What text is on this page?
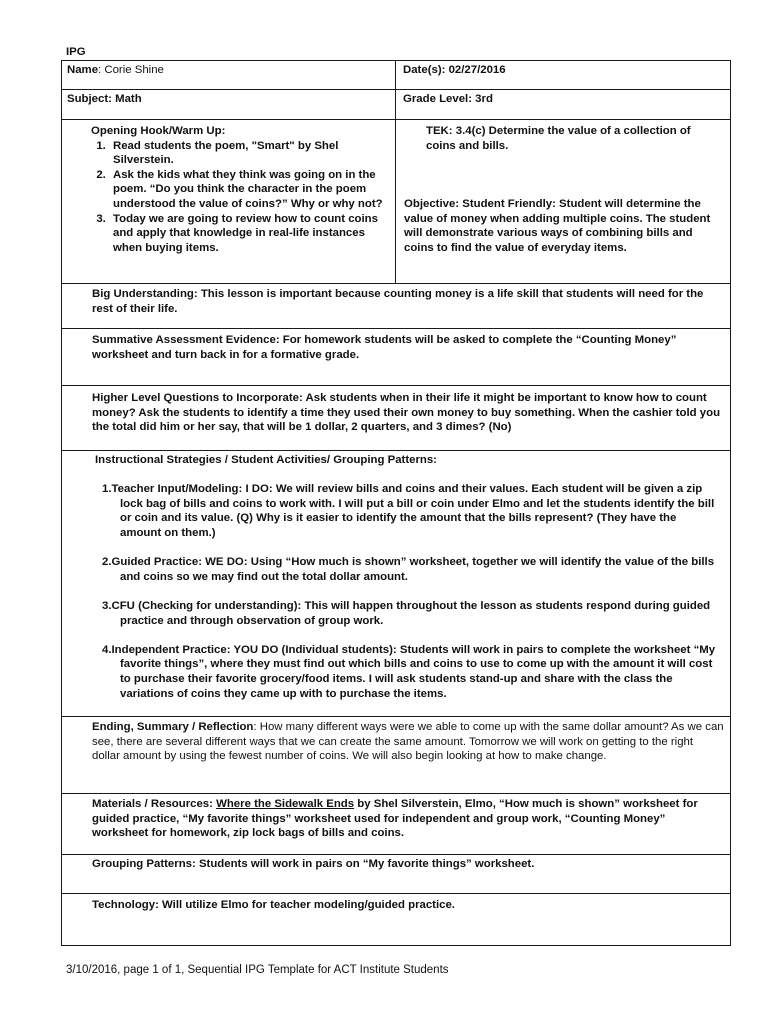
IPG
Name: Corie Shine	Date(s): 02/27/2016
Subject: Math	Grade Level: 3rd
Opening Hook/Warm Up:
1. Read students the poem, "Smart" by Shel Silverstein.
2. Ask the kids what they think was going on in the poem. “Do you think the character in the poem understood the value of coins?” Why or why not?
3. Today we are going to review how to count coins and apply that knowledge in real-life instances when buying items.
TEK: 3.4(c) Determine the value of a collection of coins and bills.
Objective: Student Friendly: Student will determine the value of money when adding multiple coins. The student will demonstrate various ways of combining bills and coins to find the value of everyday items.
Big Understanding: This lesson is important because counting money is a life skill that students will need for the rest of their life.
Summative Assessment Evidence: For homework students will be asked to complete the “Counting Money” worksheet and turn back in for a formative grade.
Higher Level Questions to Incorporate: Ask students when in their life it might be important to know how to count money? Ask the students to identify a time they used their own money to buy something. When the cashier told you the total did him or her say, that will be 1 dollar, 2 quarters, and 3 dimes? (No)
Instructional Strategies / Student Activities/ Grouping Patterns:
1.Teacher Input/Modeling: I DO: We will review bills and coins and their values. Each student will be given a zip lock bag of bills and coins to work with. I will put a bill or coin under Elmo and let the students identify the bill or coin and its value. (Q) Why is it easier to identify the amount that the bills represent? (They have the amount on them.)
2.Guided Practice: WE DO: Using “How much is shown” worksheet, together we will identify the value of the bills and coins so we may find out the total dollar amount.
3.CFU (Checking for understanding): This will happen throughout the lesson as students respond during guided practice and through observation of group work.
4.Independent Practice: YOU DO (Individual students): Students will work in pairs to complete the worksheet “My favorite things”, where they must find out which bills and coins to use to come up with the amount it will cost to purchase their favorite grocery/food items. I will ask students stand-up and share with the class the variations of coins they came up with to purchase the items.
Ending, Summary / Reflection: How many different ways were we able to come up with the same dollar amount? As we can see, there are several different ways that we can create the same amount. Tomorrow we will work on getting to the right dollar amount by using the fewest number of coins. We will also begin looking at how to make change.
Materials / Resources: Where the Sidewalk Ends by Shel Silverstein, Elmo, “How much is shown” worksheet for guided practice, “My favorite things” worksheet used for independent and group work, “Counting Money” worksheet for homework, zip lock bags of bills and coins.
Grouping Patterns: Students will work in pairs on “My favorite things” worksheet.
Technology: Will utilize Elmo for teacher modeling/guided practice.
3/10/2016, page 1 of 1, Sequential IPG Template for ACT Institute Students
